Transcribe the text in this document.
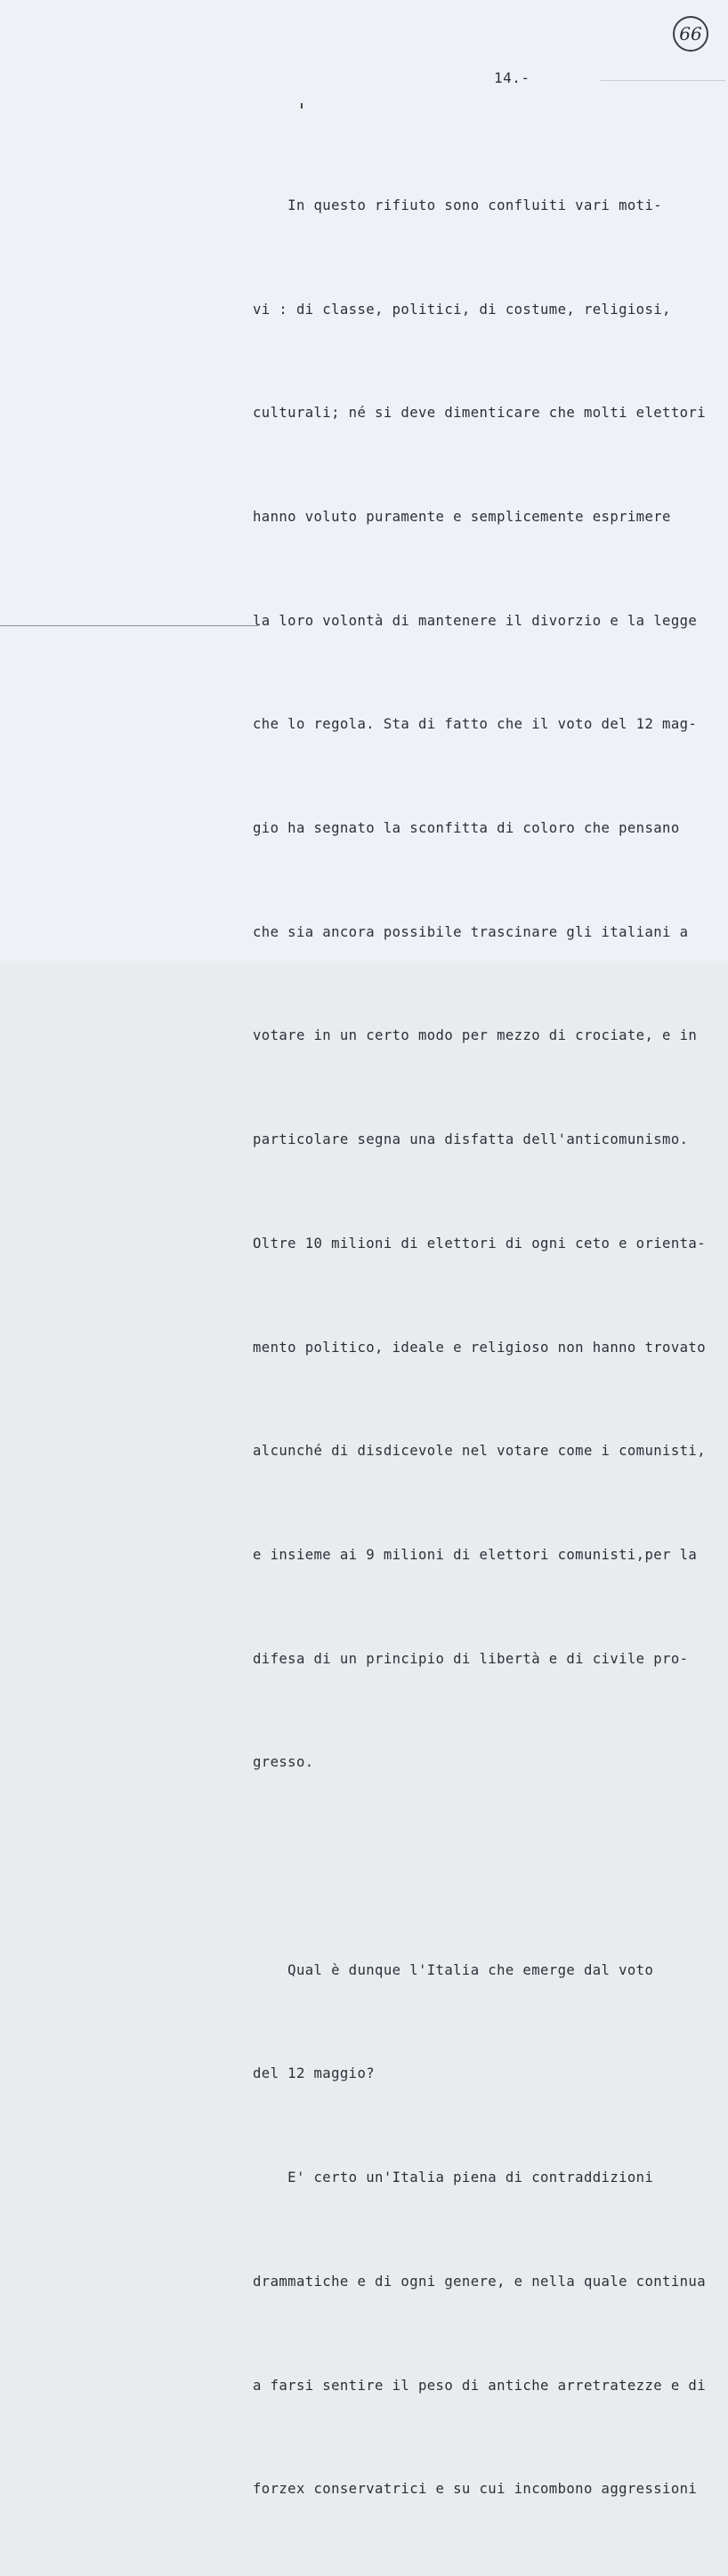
66
14.-

In questo rifiuto sono confluiti vari moti-

vi : di classe, politici, di costume, religiosi,

culturali; né si deve dimenticare che molti elettori

hanno voluto puramente e semplicemente esprimere

la loro volontà di mantenere il divorzio e la legge

che lo regola. Sta di fatto che il voto del 12 mag-

gio ha segnato la sconfitta di coloro che pensano

che sia ancora possibile trascinare gli italiani a

votare in un certo modo per mezzo di crociate, e in

particolare segna una disfatta dell'anticomunismo.

Oltre 10 milioni di elettori di ogni ceto e orienta-

mento politico, ideale e religioso non hanno trovato

alcunché di disdicevole nel votare come i comunisti,

e insieme ai 9 milioni di elettori comunisti,per la

difesa di un principio di libertà e di civile pro-

gresso.

Qual è dunque l'Italia che emerge dal voto

del 12 maggio?

E' certo un'Italia piena di contraddizioni

drammatiche e di ogni genere, e nella quale continua

a farsi sentire il peso di antiche arretratezze e di

forzex conservatrici e su cui incombono aggressioni
